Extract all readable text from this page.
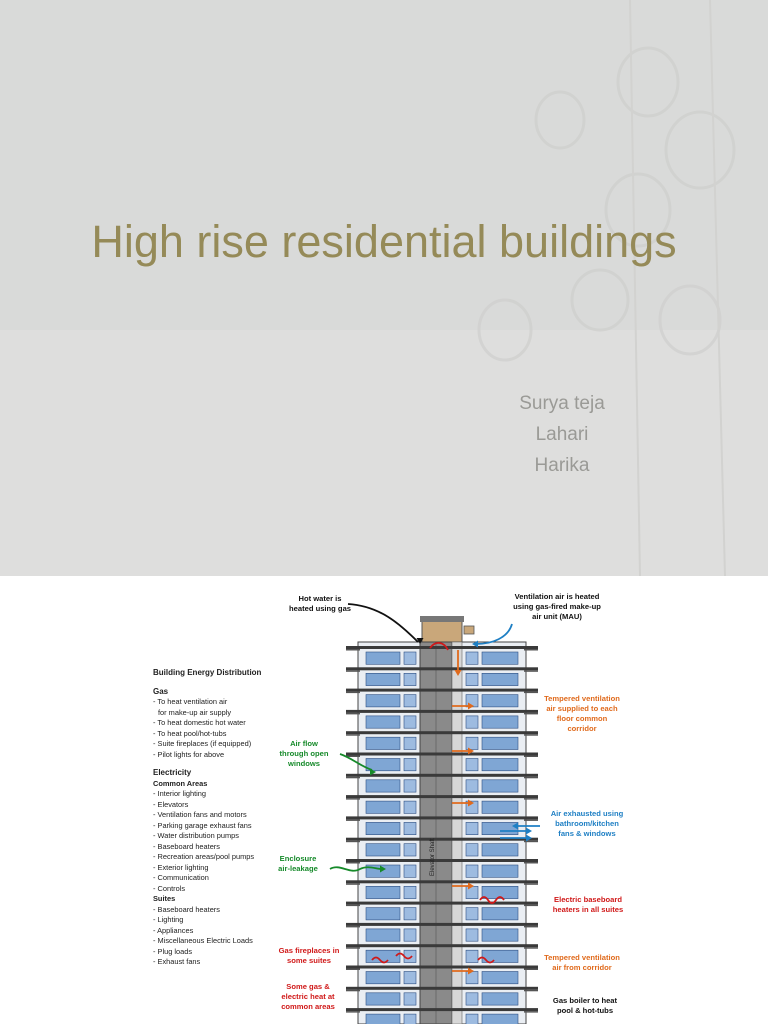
High rise residential buildings
Surya teja
Lahari
Harika
Building Energy Distribution
Gas
- To heat ventilation air
for make-up air supply
- To heat domestic hot water
- To heat pool/hot-tubs
- Suite fireplaces (if equipped)
- Pilot lights for above
Electricity
Common Areas
- Interior lighting
- Elevators
- Ventilation fans and motors
- Parking garage exhaust fans
- Water distribution pumps
- Baseboard heaters
- Recreation areas/pool pumps
- Exterior lighting
- Communication
- Controls
Suites
- Baseboard heaters
- Lighting
- Appliances
- Miscellaneous Electric Loads
- Plug loads
- Exhaust fans
Hot water is
heated using gas
Ventilation air is heated
using gas-fired make-up
air unit (MAU)
Tempered ventilation
air supplied to each
floor common
corridor
Air flow
through open
windows
Air exhausted using
bathroom/kitchen
fans & windows
Enclosure
air-leakage
Electric baseboard
heaters in all suites
Gas fireplaces in
some suites	Tempered ventilation
air from corridor
Some gas &
electric heat at
common areas
Gas boiler to heat
pool & hot-tubs
Elevator Shaft
